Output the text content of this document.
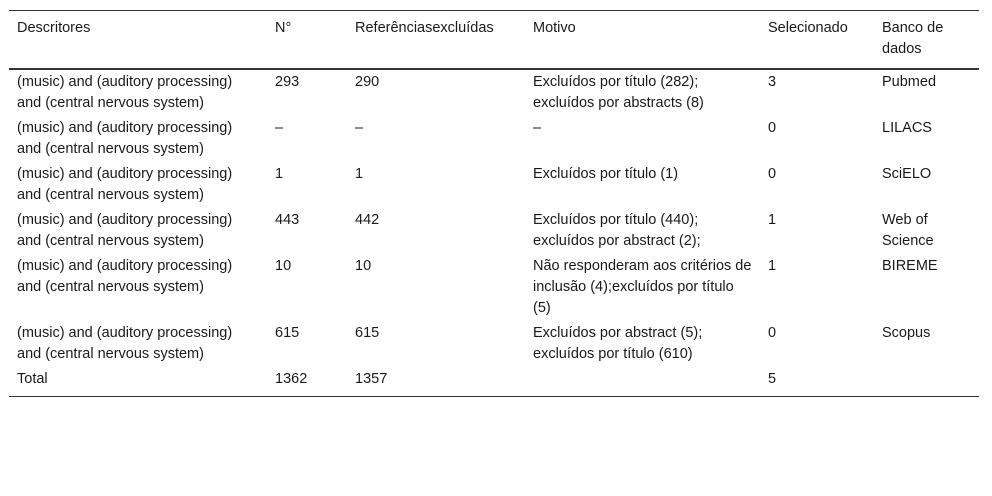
Descritores	N°	Referênciasexcluídas	Motivo	Selecionado	Banco de dados
(music) and (auditory processing) and (central nervous system)	293	290	Excluídos por título (282); excluídos por abstracts (8)	3	Pubmed
(music) and (auditory processing) and (central nervous system)	–	–	–	0	LILACS
(music) and (auditory processing) and (central nervous system)	1	1	Excluídos por título (1)	0	SciELO
(music) and (auditory processing) and (central nervous system)	443	442	Excluídos por título (440); excluídos por abstract (2);	1	Web of Science
(music) and (auditory processing) and (central nervous system)	10	10	Não responderam aos critérios de inclusão (4);excluídos por título (5)	1	BIREME
(music) and (auditory processing) and (central nervous system)	615	615	Excluídos por abstract (5); excluídos por título (610)	0	Scopus
Total	1362	1357		5	
